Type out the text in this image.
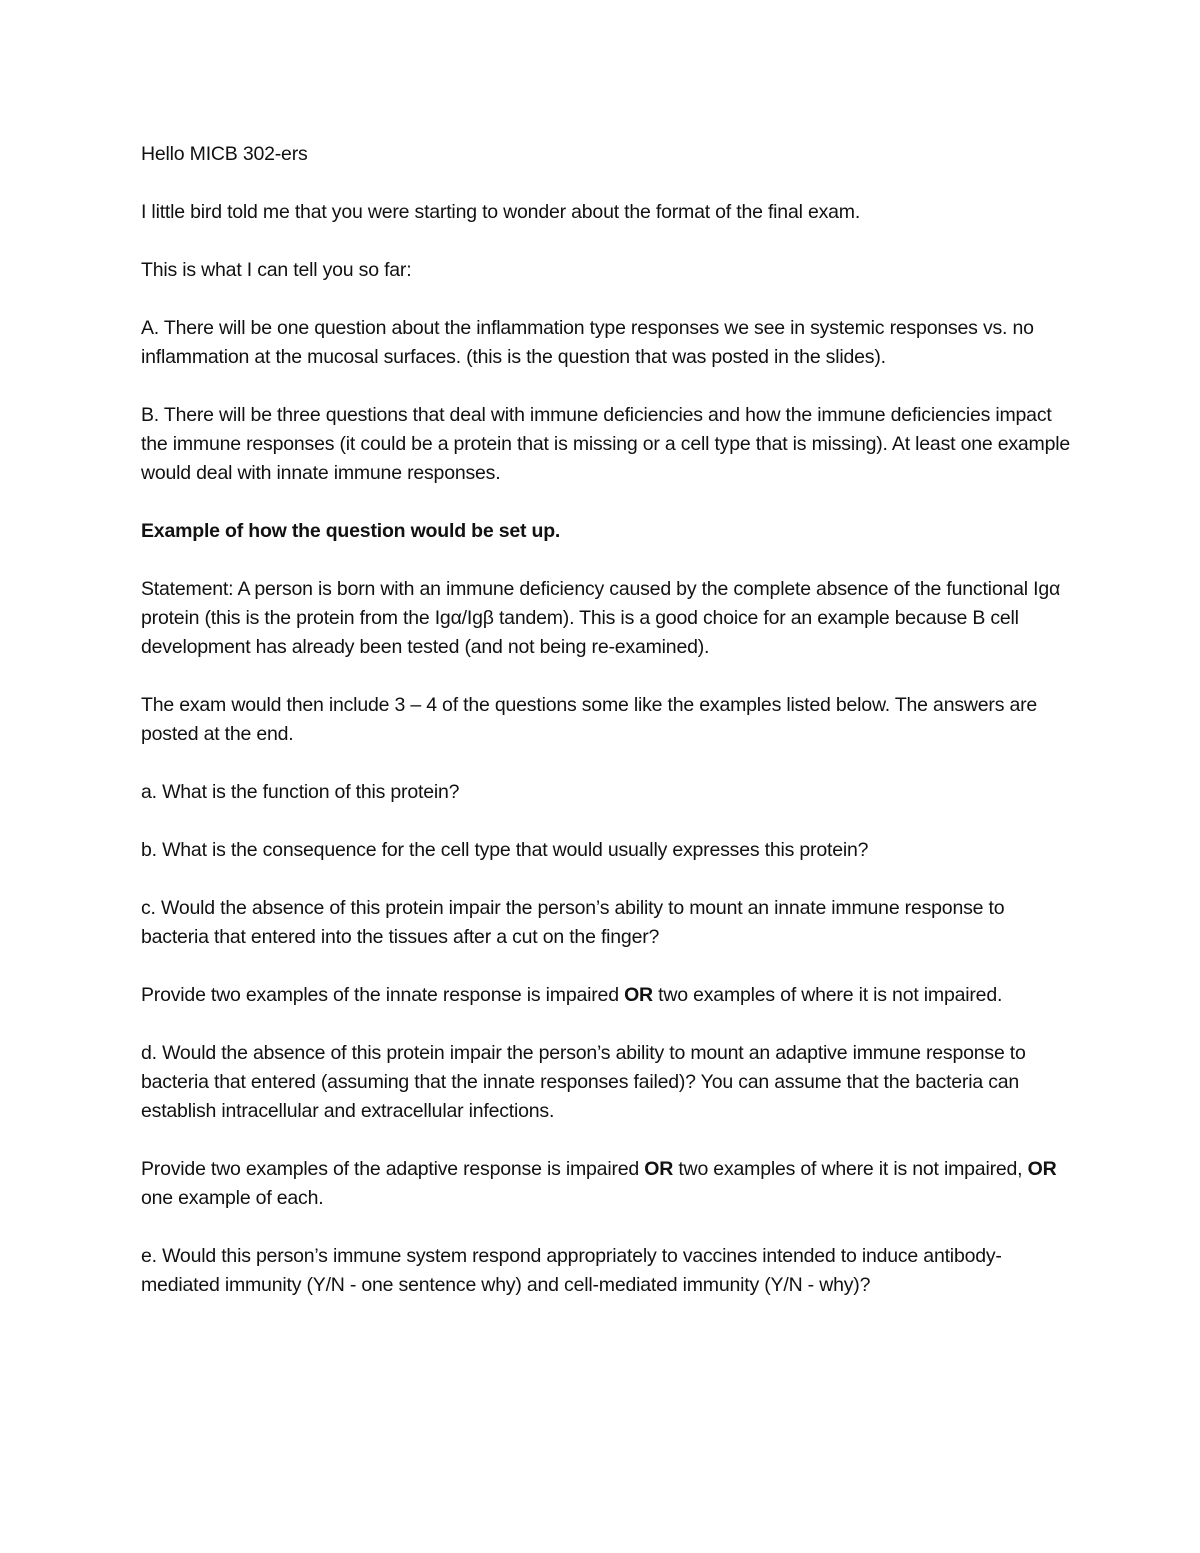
Hello MICB 302-ers

I little bird told me that you were starting to wonder about the format of the final exam.

This is what I can tell you so far:

A. There will be one question about the inflammation type responses we see in systemic responses vs. no inflammation at the mucosal surfaces. (this is the question that was posted in the slides).

B. There will be three questions that deal with immune deficiencies and how the immune deficiencies impact the immune responses (it could be a protein that is missing or a cell type that is missing). At least one example would deal with innate immune responses.

Example of how the question would be set up.

Statement: A person is born with an immune deficiency caused by the complete absence of the functional Igα protein (this is the protein from the Igα/Igβ tandem). This is a good choice for an example because B cell development has already been tested (and not being re-examined).

The exam would then include 3 – 4 of the questions some like the examples listed below. The answers are posted at the end.

a. What is the function of this protein?

b. What is the consequence for the cell type that would usually expresses this protein?

c. Would the absence of this protein impair the person’s ability to mount an innate immune response to bacteria that entered into the tissues after a cut on the finger?

Provide two examples of the innate response is impaired OR two examples of where it is not impaired.

d. Would the absence of this protein impair the person’s ability to mount an adaptive immune response to bacteria that entered (assuming that the innate responses failed)? You can assume that the bacteria can establish intracellular and extracellular infections.

Provide two examples of the adaptive response is impaired OR two examples of where it is not impaired, OR one example of each.

e. Would this person’s immune system respond appropriately to vaccines intended to induce antibody-mediated immunity (Y/N - one sentence why) and cell-mediated immunity (Y/N - why)?
